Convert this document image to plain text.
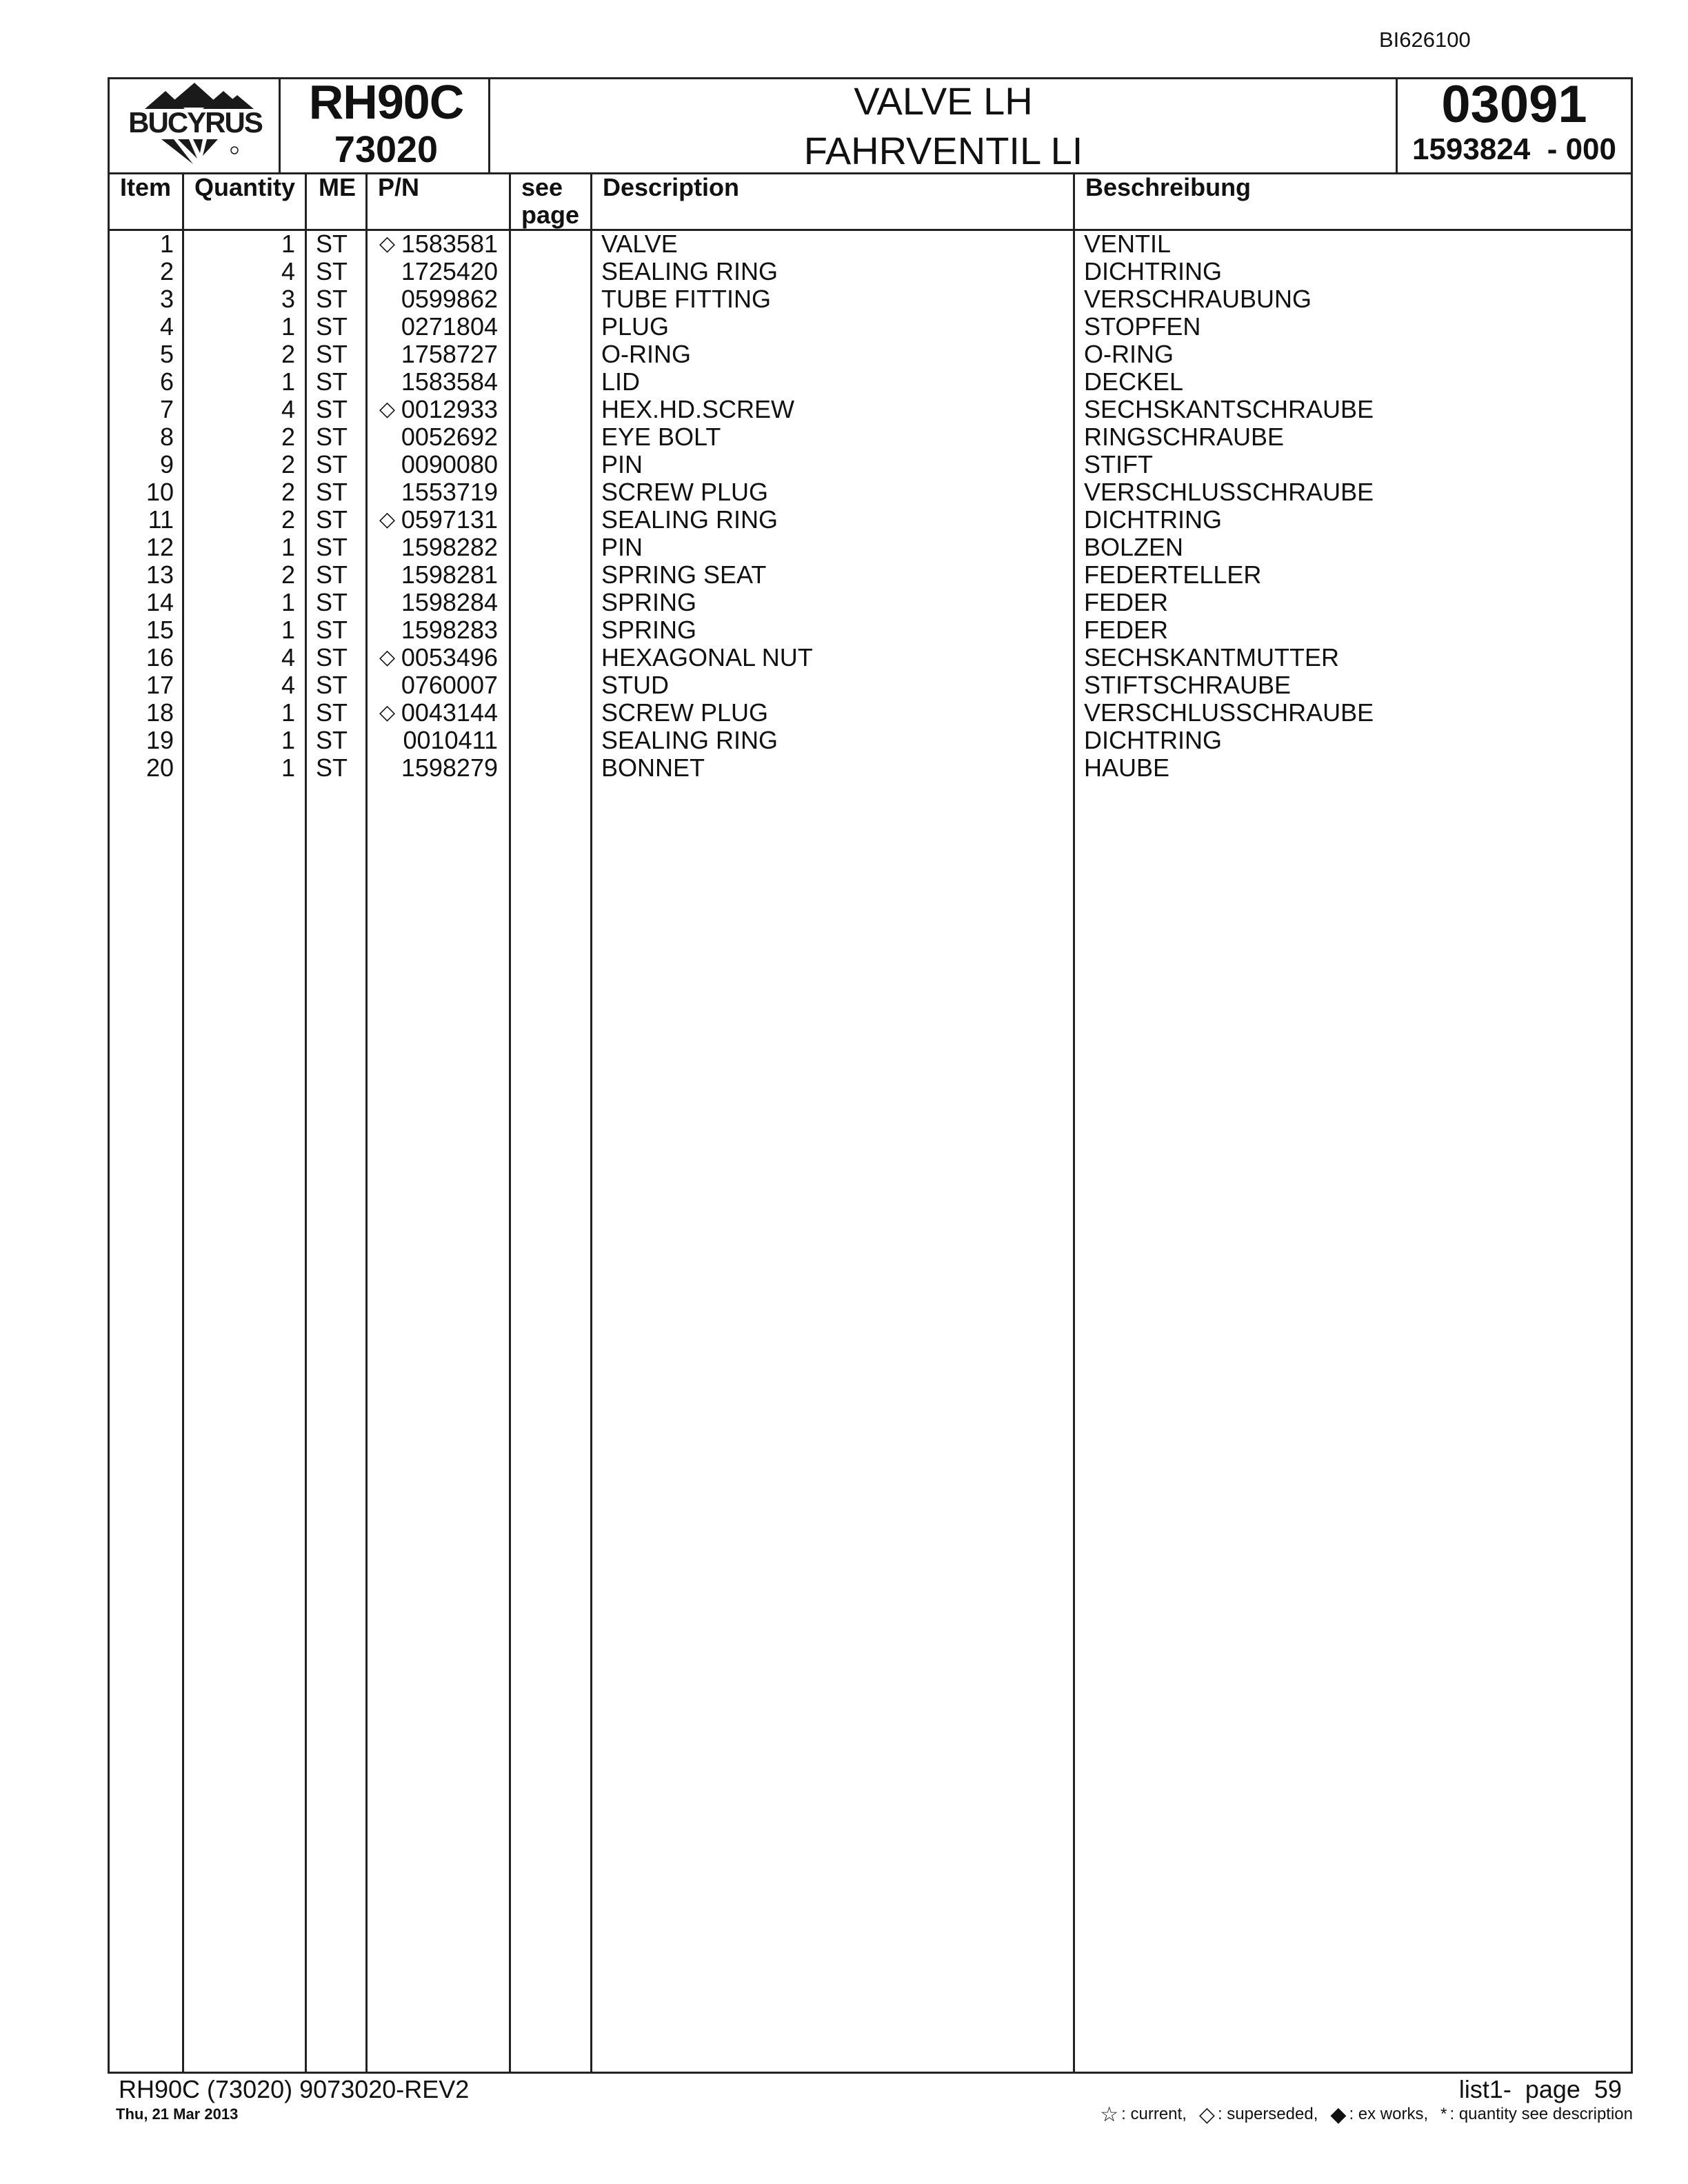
BI626100
BUCYRUS RH90C
73020
VALVE LH
FAHRVENTIL LI
03091
1593824  - 000
Item Quantity ME P/N	see
page
Description	Beschreibung
1	1 ST ◇ 1583581	VALVE	VENTIL
2	4 ST 1725420	SEALING RING	DICHTRING
3	3 ST 0599862	TUBE FITTING	VERSCHRAUBUNG
4	1 ST 0271804	PLUG	STOPFEN
5	2 ST 1758727	O-RING	O-RING
6	1 ST 1583584	LID	DECKEL
7	4 ST ◇ 0012933	HEX.HD.SCREW	SECHSKANTSCHRAUBE
8	2 ST 0052692	EYE BOLT	RINGSCHRAUBE
9	2 ST 0090080	PIN	STIFT
10	2 ST 1553719	SCREW PLUG	VERSCHLUSSCHRAUBE
11	2 ST ◇ 0597131	SEALING RING	DICHTRING
12	1 ST 1598282	PIN	BOLZEN
13	2 ST 1598281	SPRING SEAT	FEDERTELLER
14	1 ST 1598284	SPRING	FEDER
15	1 ST 1598283	SPRING	FEDER
16	4 ST ◇ 0053496	HEXAGONAL NUT	SECHSKANTMUTTER
17	4 ST 0760007	STUD	STIFTSCHRAUBE
18	1 ST ◇ 0043144	SCREW PLUG	VERSCHLUSSCHRAUBE
19	1 ST 0010411	SEALING RING	DICHTRING
20	1 ST 1598279	BONNET	HAUBE
RH90C (73020) 9073020-REV2
Thu, 21 Mar 2013
list1-  page  59
☆ : current, ◇ : superseded, ◆ : ex works, * : quantity see description
